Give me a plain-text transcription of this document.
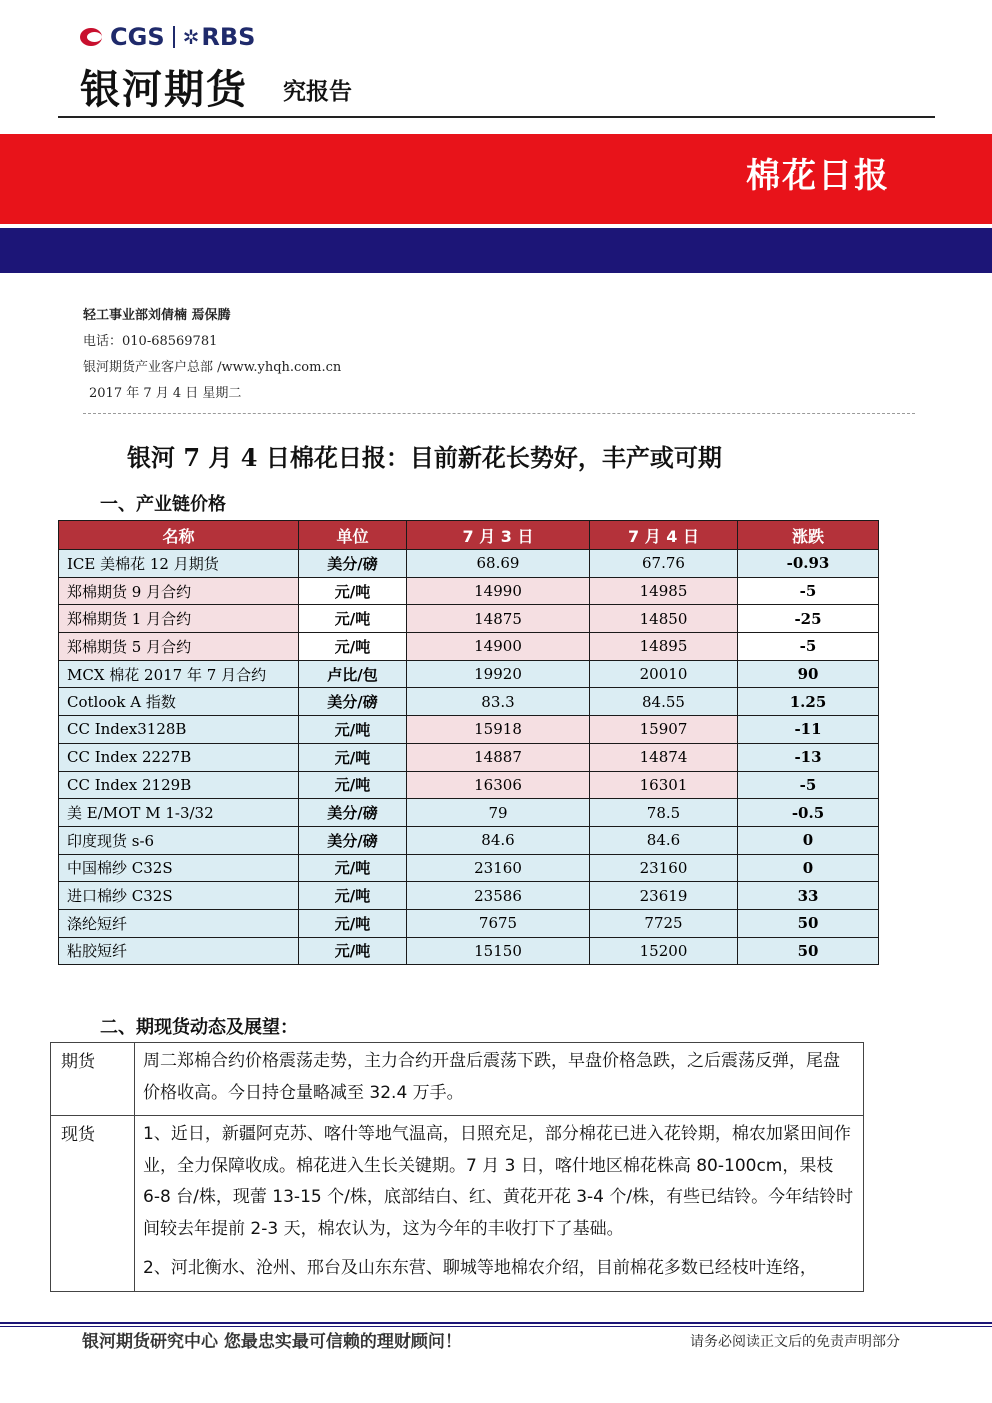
CGS ✲ RBS
银河期货 究报告
棉花日报
轻工事业部刘倩楠 焉保腾
电话：010-68569781
银河期货产业客户总部 /www.yhqh.com.cn
2017 年 7 月 4 日 星期二
银河 7 月 4 日棉花日报：目前新花长势好，丰产或可期
一、产业链价格
名称	单位	7 月 3 日	7 月 4 日	涨跌
ICE 美棉花 12 月期货	美分/磅	68.69	67.76	-0.93
郑棉期货 9 月合约	元/吨	14990	14985	-5
郑棉期货 1 月合约	元/吨	14875	14850	-25
郑棉期货 5 月合约	元/吨	14900	14895	-5
MCX 棉花 2017 年 7 月合约	卢比/包	19920	20010	90
Cotlook A 指数	美分/磅	83.3	84.55	1.25
CC Index3128B	元/吨	15918	15907	-11
CC Index 2227B	元/吨	14887	14874	-13
CC Index 2129B	元/吨	16306	16301	-5
美 E/MOT M 1-3/32	美分/磅	79	78.5	-0.5
印度现货 s-6	美分/磅	84.6	84.6	0
中国棉纱 C32S	元/吨	23160	23160	0
进口棉纱 C32S	元/吨	23586	23619	33
涤纶短纤	元/吨	7675	7725	50
粘胶短纤	元/吨	15150	15200	50
二、期现货动态及展望：
期货	周二郑棉合约价格震荡走势，主力合约开盘后震荡下跌，早盘价格急跌，之后震荡反弹，尾盘价格收高。今日持仓量略减至 32.4 万手。

现货	1、近日，新疆阿克苏、喀什等地气温高，日照充足，部分棉花已进入花铃期，棉农加紧田间作业，全力保障收成。棉花进入生长关键期。7 月 3 日，喀什地区棉花株高 80-100cm，果枝 6-8 台/株，现蕾 13-15 个/株，底部结白、红、黄花开花 3-4 个/株，有些已结铃。今年结铃时间较去年提前 2-3 天，棉农认为，这为今年的丰收打下了基础。

2、河北衡水、沧州、邢台及山东东营、聊城等地棉农介绍，目前棉花多数已经枝叶连络，

银河期货研究中心 您最忠实最可信赖的理财顾问！	请务必阅读正文后的免责声明部分
